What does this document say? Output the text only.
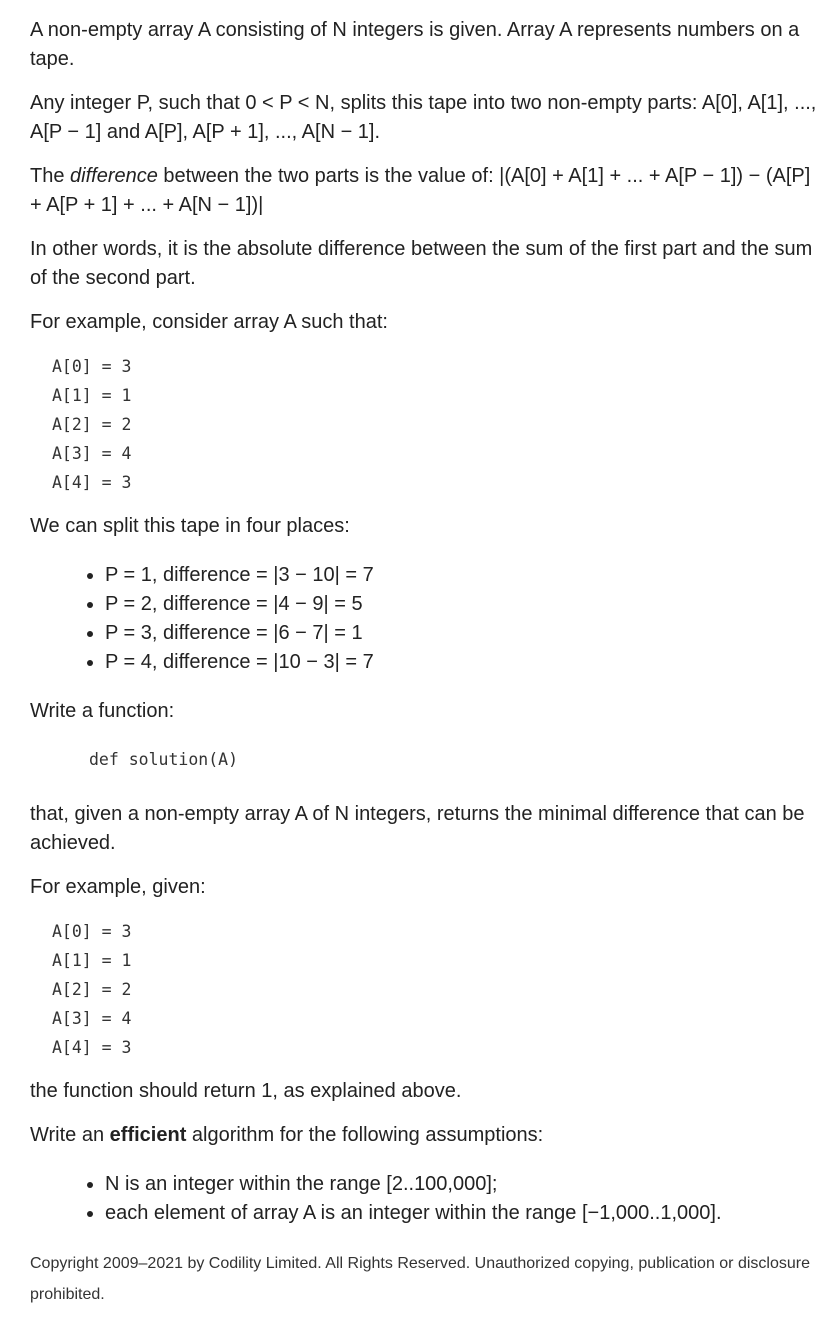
A non-empty array A consisting of N integers is given. Array A represents numbers on a tape.

Any integer P, such that 0 < P < N, splits this tape into two non-empty parts: A[0], A[1], ..., A[P − 1] and A[P], A[P + 1], ..., A[N − 1].

The difference between the two parts is the value of: |(A[0] + A[1] + ... + A[P − 1]) − (A[P] + A[P + 1] + ... + A[N − 1])|

In other words, it is the absolute difference between the sum of the first part and the sum of the second part.

For example, consider array A such that:

A[0] = 3
A[1] = 1
A[2] = 2
A[3] = 4
A[4] = 3

We can split this tape in four places:

• P = 1, difference = |3 − 10| = 7
• P = 2, difference = |4 − 9| = 5
• P = 3, difference = |6 − 7| = 1
• P = 4, difference = |10 − 3| = 7

Write a function:

def solution(A)

that, given a non-empty array A of N integers, returns the minimal difference that can be achieved.

For example, given:

A[0] = 3
A[1] = 1
A[2] = 2
A[3] = 4
A[4] = 3

the function should return 1, as explained above.

Write an efficient algorithm for the following assumptions:

• N is an integer within the range [2..100,000];
• each element of array A is an integer within the range [−1,000..1,000].

Copyright 2009–2021 by Codility Limited. All Rights Reserved. Unauthorized copying, publication or disclosure prohibited.
